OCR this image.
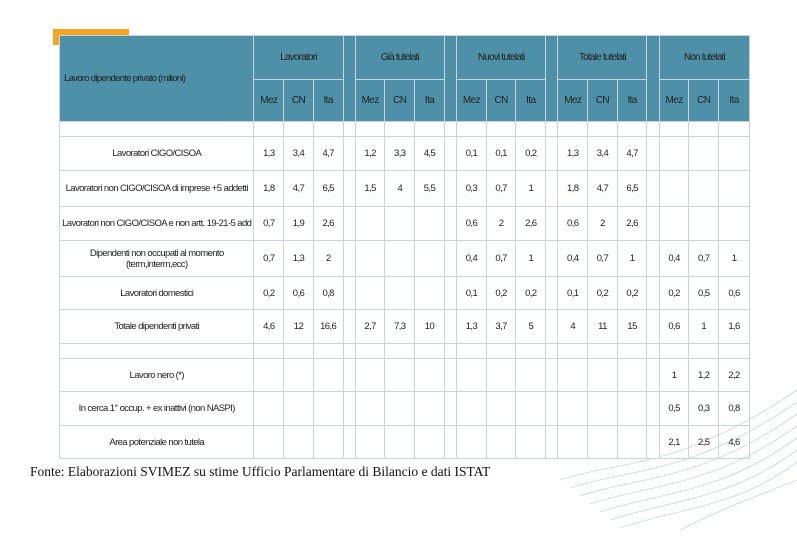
Lavoro dipendente privato (milioni)	Lavoratori				Già tutelati				Nuovi tutelati				Totale tutelati				Non tutelati		
	Mez	CN	Ita		Mez	CN	Ita		Mez	CN	Ita		Mez	CN	Ita		Mez	CN	Ita

Lavoratori CIGO/CISOA	1,3	3,4	4,7		1,2	3,3	4,5		0,1	0,1	0,2		1,3	3,4	4,7				
Lavoratori non CIGO/CISOA di imprese +5 addetti	1,8	4,7	6,5		1,5	4	5,5		0,3	0,7	1		1,8	4,7	6,5				
Lavoratori non CIGO/CISOA e non artt. 19-21-5 add	0,7	1,9	2,6						0,6	2	2,6		0,6	2	2,6				
Dipendenti non occupati al momento (term,interm,ecc)	0,7	1,3	2						0,4	0,7	1		0,4	0,7	1		0,4	0,7	1
Lavoratori domestici	0,2	0,6	0,8						0,1	0,2	0,2		0,1	0,2	0,2		0,2	0,5	0,6
Totale dipendenti privati	4,6	12	16,6		2,7	7,3	10		1,3	3,7	5		4	11	15		0,6	1	1,6

Lavoro nero (*)																	1	1,2	2,2
In cerca 1° occup. + ex inattivi (non NASPI)																	0,5	0,3	0,8
Area potenziale non tutela																	2,1	2,5	4,6
Fonte: Elaborazioni SVIMEZ su stime Ufficio Parlamentare di Bilancio e dati ISTAT
